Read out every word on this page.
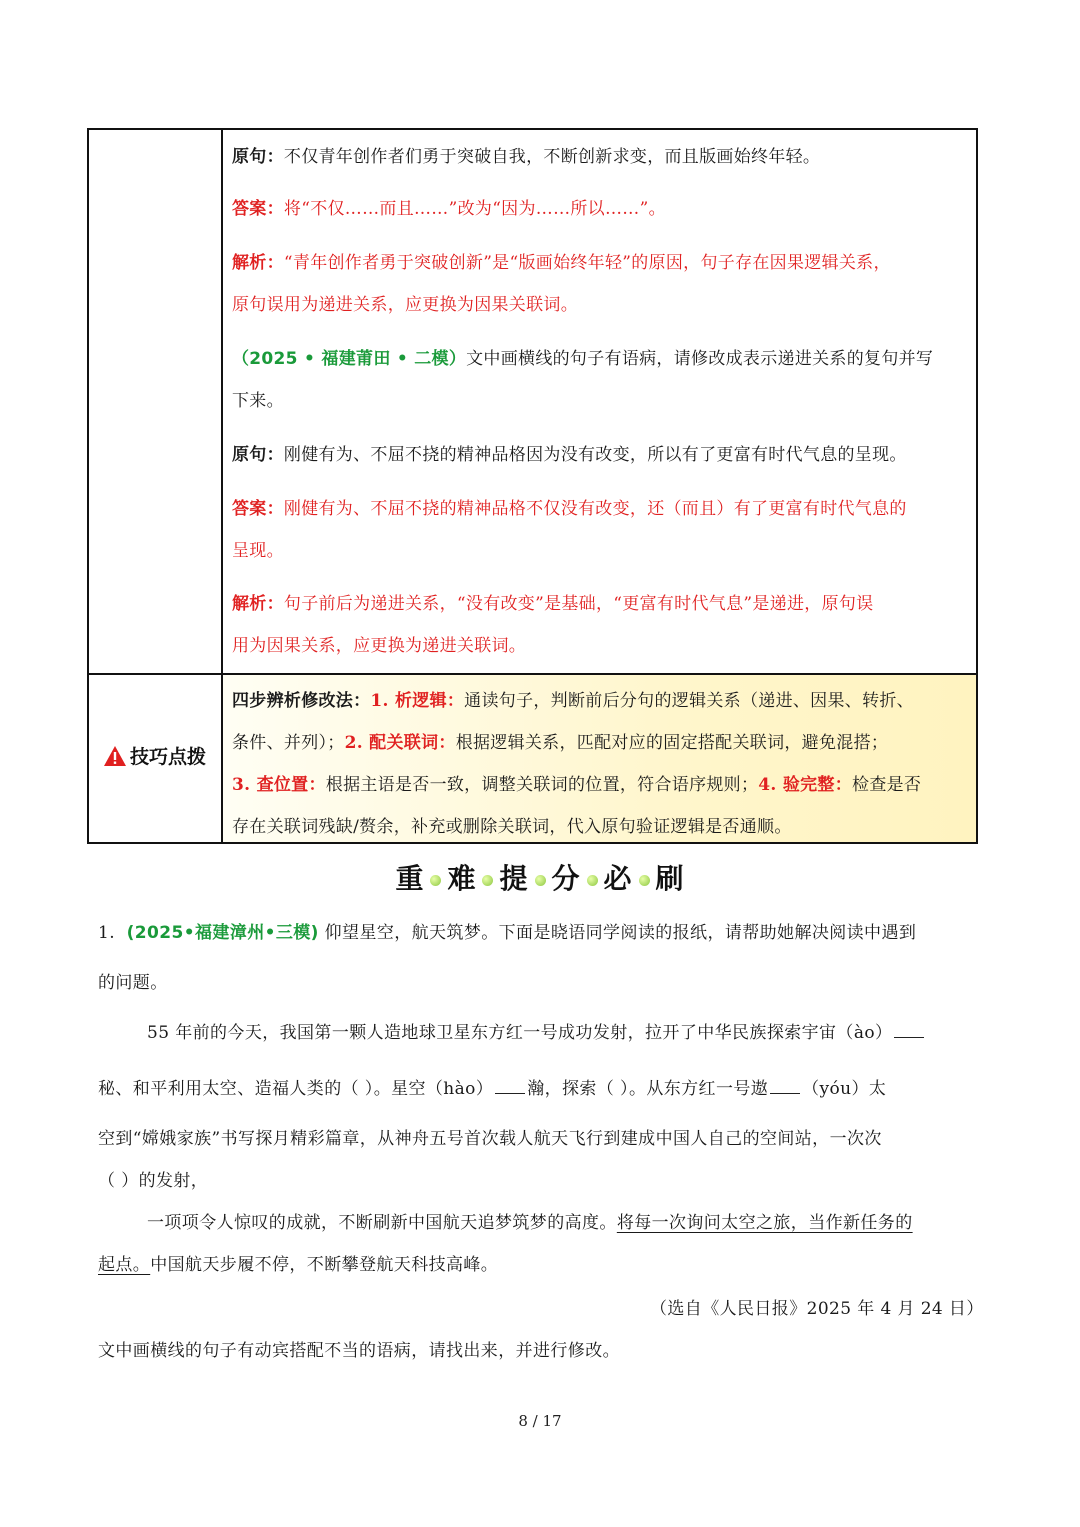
原句：不仅青年创作者们勇于突破自我，不断创新求变，而且版画始终年轻。
答案：将“不仅……而且……”改为“因为……所以……”。
解析：“青年创作者勇于突破创新”是“版画始终年轻”的原因，句子存在因果逻辑关系，
原句误用为递进关系，应更换为因果关联词。
（2025 • 福建莆田 • 二模）文中画横线的句子有语病，请修改成表示递进关系的复句并写
下来。
原句：刚健有为、不屈不挠的精神品格因为没有改变，所以有了更富有时代气息的呈现。
答案：刚健有为、不屈不挠的精神品格不仅没有改变，还（而且）有了更富有时代气息的
呈现。
解析：句子前后为递进关系，“没有改变”是基础，“更富有时代气息”是递进，原句误
用为因果关系，应更换为递进关联词。
技巧点拨
四步辨析修改法：1. 析逻辑：通读句子，判断前后分句的逻辑关系（递进、因果、转折、
条件、并列）；2. 配关联词：根据逻辑关系，匹配对应的固定搭配关联词，避免混搭；
3. 查位置：根据主语是否一致，调整关联词的位置，符合语序规则；4. 验完整：检查是否
存在关联词残缺/赘余，补充或删除关联词，代入原句验证逻辑是否通顺。
重 难 提 分 必 刷
1. (2025•福建漳州•三模) 仰望星空，航天筑梦。下面是晓语同学阅读的报纸，请帮助她解决阅读中遇到
的问题。
55 年前的今天，我国第一颗人造地球卫星东方红一号成功发射，拉开了中华民族探索宇宙（ào）
秘、和平利用太空、造福人类的（ ）。星空（hào） 瀚，探索（ ）。从东方红一号遨 （yóu）太
空到“嫦娥家族”书写探月精彩篇章，从神舟五号首次载人航天飞行到建成中国人自己的空间站，一次次
（ ）的发射，
一项项令人惊叹的成就，不断刷新中国航天追梦筑梦的高度。将每一次询问太空之旅，当作新任务的
起点。中国航天步履不停，不断攀登航天科技高峰。
（选自《人民日报》2025 年 4 月 24 日）
文中画横线的句子有动宾搭配不当的语病，请找出来，并进行修改。
8 / 17
